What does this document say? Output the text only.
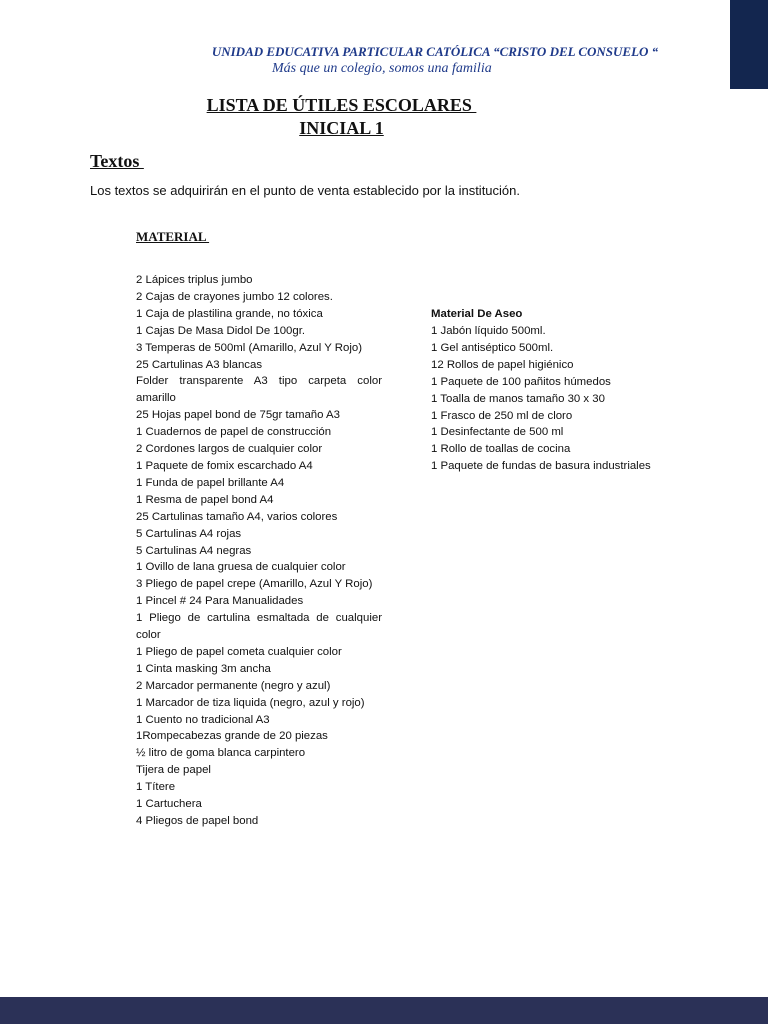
UNIDAD EDUCATIVA PARTICULAR CATÓLICA “CRISTO DEL CONSUELO “
Más que un colegio, somos una familia
LISTA DE ÚTILES ESCOLARES
INICIAL 1
Textos
Los textos se adquirirán en el punto de venta establecido por la institución.
MATERIAL
2 Lápices triplus jumbo
2 Cajas de crayones jumbo 12 colores.
1 Caja de plastilina grande, no tóxica
1 Cajas De Masa Didol De 100gr.
3 Temperas de 500ml (Amarillo, Azul Y Rojo)
25 Cartulinas A3 blancas
Folder transparente A3 tipo carpeta color amarillo
25 Hojas papel bond de 75gr tamaño A3
1 Cuadernos de papel de construcción
2 Cordones largos de cualquier color
1 Paquete de fomix escarchado A4
1 Funda de papel brillante A4
1 Resma de papel bond A4
25 Cartulinas tamaño A4, varios colores
5 Cartulinas A4 rojas
5 Cartulinas A4 negras
1 Ovillo de lana gruesa de cualquier color
3 Pliego de papel crepe (Amarillo, Azul Y Rojo)
1 Pincel # 24 Para Manualidades
1 Pliego de cartulina esmaltada de cualquier color
1 Pliego de papel cometa cualquier color
1 Cinta masking 3m ancha
2 Marcador permanente (negro y azul)
1 Marcador de tiza liquida (negro, azul y rojo)
1 Cuento no tradicional A3
1Rompecabezas grande de 20 piezas
½ litro de goma blanca carpintero
Tijera de papel
1 Títere
1 Cartuchera
4 Pliegos de papel bond
Material De Aseo
1 Jabón líquido 500ml.
1 Gel antiséptico 500ml.
12 Rollos de papel higiénico
1 Paquete de 100 pañitos húmedos
1 Toalla de manos tamaño 30 x 30
1 Frasco de 250 ml de cloro
1 Desinfectante de 500 ml
1 Rollo de toallas de cocina
1 Paquete de fundas de basura industriales
